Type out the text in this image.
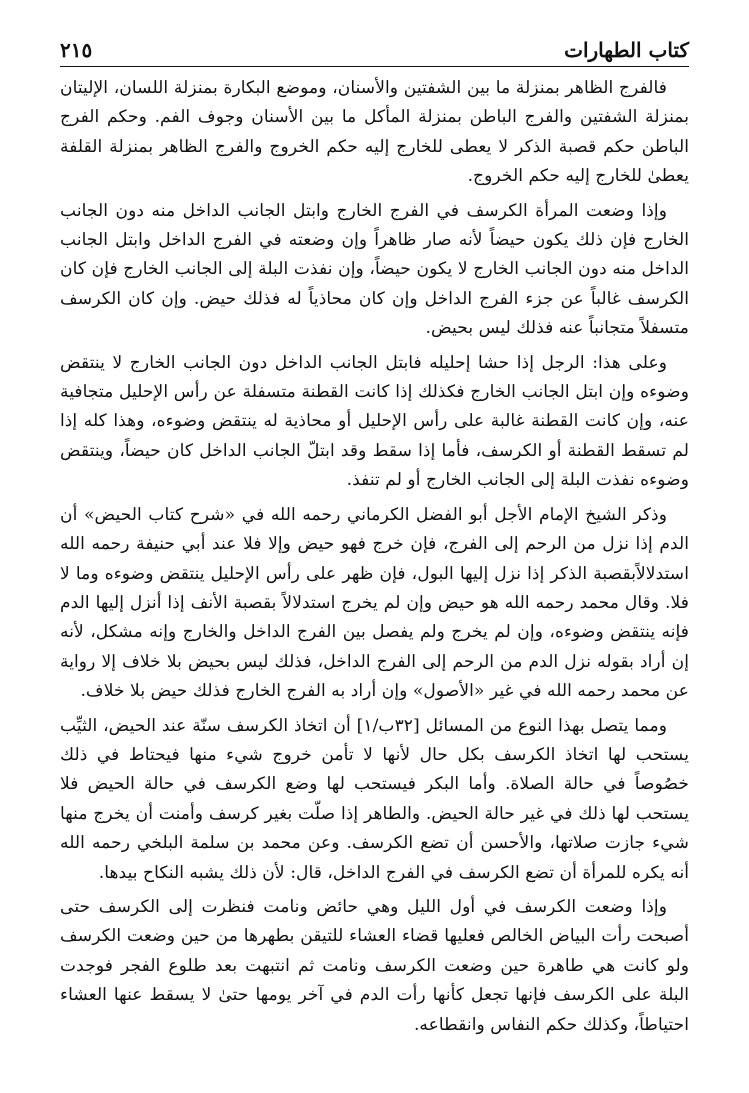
كتاب الطهارات
٢١٥

فالفرج الظاهر بمنزلة ما بين الشفتين والأسنان، وموضع البكارة بمنزلة اللسان، الإليتان بمنزلة الشفتين والفرج الباطن بمنزلة المأكل ما بين الأسنان وجوف الفم. وحكم الفرج الباطن حكم قصبة الذكر لا يعطى للخارج إليه حكم الخروج والفرج الظاهر بمنزلة القلفة يعطىٰ للخارج إليه حكم الخروج.

وإذا وضعت المرأة الكرسف في الفرج الخارج وابتل الجانب الداخل منه دون الجانب الخارج فإن ذلك يكون حيضاً لأنه صار ظاهراً وإن وضعته في الفرج الداخل وابتل الجانب الداخل منه دون الجانب الخارج لا يكون حيضاً، وإن نفذت البلة إلى الجانب الخارج فإن كان الكرسف غالباً عن جزء الفرج الداخل وإن كان محاذياً له فذلك حيض. وإن كان الكرسف متسفلاً متجانباً عنه فذلك ليس بحيض.

وعلى هذا: الرجل إذا حشا إحليله فابتل الجانب الداخل دون الجانب الخارج لا ينتقض وضوءه وإن ابتل الجانب الخارج فكذلك إذا كانت القطنة متسفلة عن رأس الإحليل متجافية عنه، وإن كانت القطنة غالبة على رأس الإحليل أو محاذية له ينتقض وضوءه، وهذا كله إذا لم تسقط القطنة أو الكرسف، فأما إذا سقط وقد ابتلّ الجانب الداخل كان حيضاً، وينتقض وضوءه نفذت البلة إلى الجانب الخارج أو لم تنفذ.

وذكر الشيخ الإمام الأجل أبو الفضل الكرماني رحمه الله في «شرح كتاب الحيض» أن الدم إذا نزل من الرحم إلى الفرج، فإن خرج فهو حيض وإلا فلا عند أبي حنيفة رحمه الله استدلالاًبقصبة الذكر إذا نزل إليها البول، فإن ظهر على رأس الإحليل ينتقض وضوءه وما لا فلا. وقال محمد رحمه الله هو حيض وإن لم يخرج استدلالاً بقصبة الأنف إذا أنزل إليها الدم فإنه ينتقض وضوءه، وإن لم يخرج ولم يفصل بين الفرج الداخل والخارج وإنه مشكل، لأنه إن أراد بقوله نزل الدم من الرحم إلى الفرج الداخل، فذلك ليس بحيض بلا خلاف إلا رواية عن محمد رحمه الله في غير «الأصول» وإن أراد به الفرج الخارج فذلك حيض بلا خلاف.

ومما يتصل بهذا النوع من المسائل [٣٢ب/١] أن اتخاذ الكرسف سنّة عند الحيض، الثيِّب يستحب لها اتخاذ الكرسف بكل حال لأنها لا تأمن خروج شيء منها فيحتاط في ذلك خصُوصاً في حالة الصلاة. وأما البكر فيستحب لها وضع الكرسف في حالة الحيض فلا يستحب لها ذلك في غير حالة الحيض. والطاهر إذا صلّت بغير كرسف وأمنت أن يخرج منها شيء جازت صلاتها، والأحسن أن تضع الكرسف. وعن محمد بن سلمة البلخي رحمه الله أنه يكره للمرأة أن تضع الكرسف في الفرج الداخل، قال: لأن ذلك يشبه النكاح بيدها.

وإذا وضعت الكرسف في أول الليل وهي حائض ونامت فنظرت إلى الكرسف حتى أصبحت رأت البياض الخالص فعليها قضاء العشاء للتيقن بطهرها من حين وضعت الكرسف ولو كانت هي طاهرة حين وضعت الكرسف ونامت ثم انتبهت بعد طلوع الفجر فوجدت البلة على الكرسف فإنها تجعل كأنها رأت الدم في آخر يومها حتىٰ لا يسقط عنها العشاء احتياطاً، وكذلك حكم النفاس وانقطاعه.
